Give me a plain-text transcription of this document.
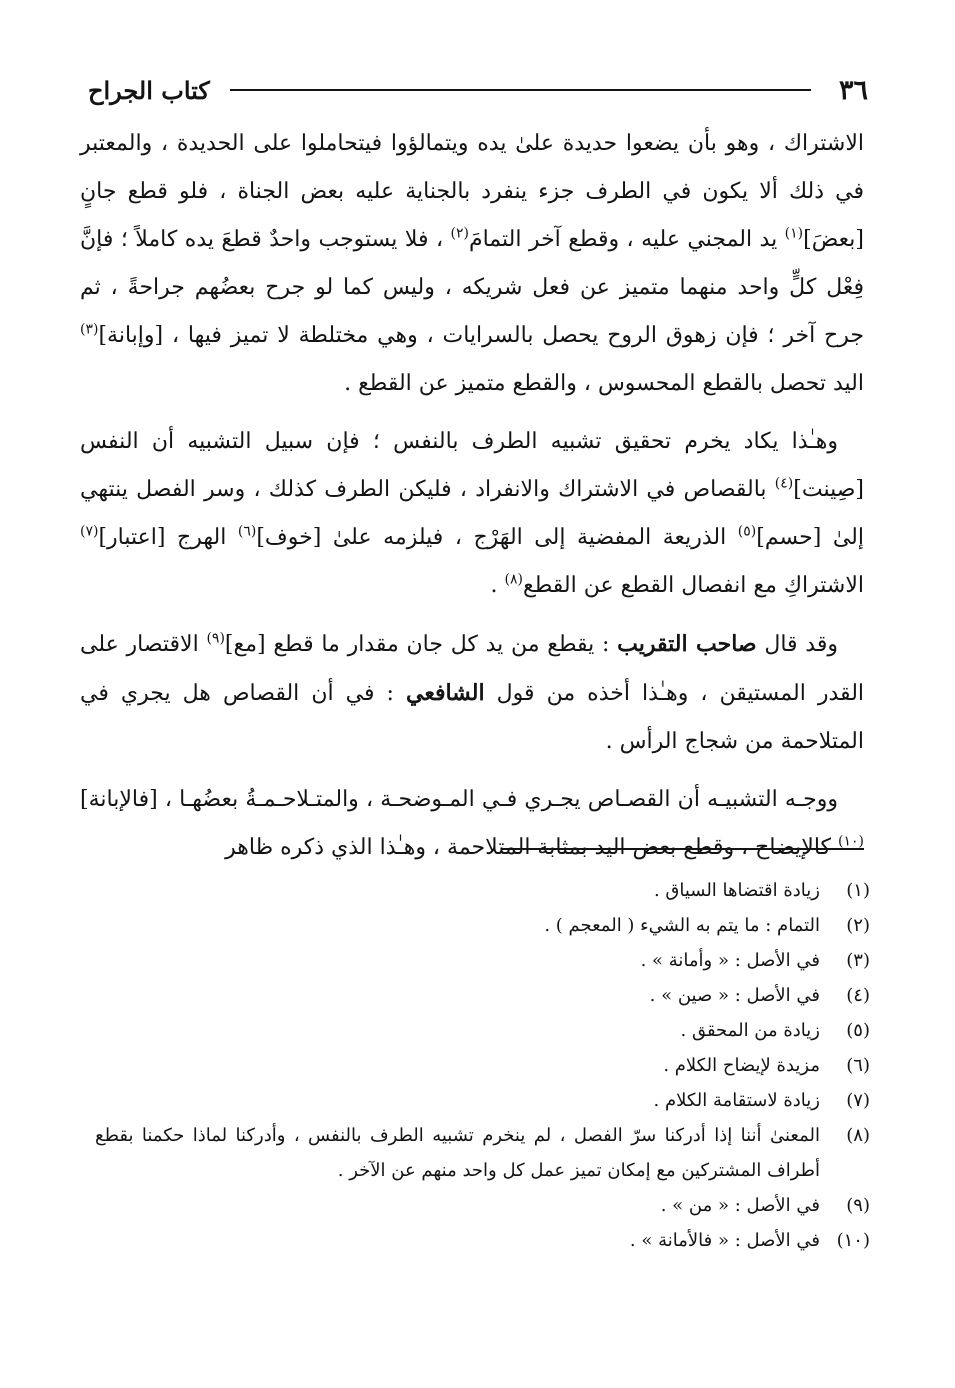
٣٦
كتاب الجراح

الاشتراك ، وهو بأن يضعوا حديدة علىٰ يده ويتمالؤوا فيتحاملوا على الحديدة ، والمعتبر في ذلك ألا يكون في الطرف جزء ينفرد بالجناية عليه بعض الجناة ، فلو قطع جانٍ [بعضَ]$^{(١)}$ يد المجني عليه ، وقطع آخر التمامَ$^{(٢)}$ ، فلا يستوجب واحدٌ قطعَ يده كاملاً ؛ فإنَّ فِعْل كلٍّ واحد منهما متميز عن فعل شريكه ، وليس كما لو جرح بعضُهم جراحةً ، ثم جرح آخر ؛ فإن زهوق الروح يحصل بالسرايات ، وهي مختلطة لا تميز فيها ، [وإبانة]$^{(٣)}$ اليد تحصل بالقطع المحسوس ، والقطع متميز عن القطع .

وهـٰذا يكاد يخرم تحقيق تشبيه الطرف بالنفس ؛ فإن سبيل التشبيه أن النفس [صِينت]$^{(٤)}$ بالقصاص في الاشتراك والانفراد ، فليكن الطرف كذلك ، وسر الفصل ينتهي إلىٰ [حسم]$^{(٥)}$ الذريعة المفضية إلى الهَرْج ، فيلزمه علىٰ [خوف]$^{(٦)}$ الهرج [اعتبار]$^{(٧)}$ الاشتراكِ مع انفصال القطع عن القطع$^{(٨)}$ .

وقد قال صاحب التقريب : يقطع من يد كل جان مقدار ما قطع [مع]$^{(٩)}$ الاقتصار على القدر المستيقن ، وهـٰذا أخذه من قول الشافعي : في أن القصاص هل يجري في المتلاحمة من شجاج الرأس .

ووجـه التشبيـه أن القصـاص يجـري فـي المـوضحـة ، والمتـلاحـمـةُ بعضُهـا ، [فالإبانة]$^{(١٠)}$ كالإيضاح ، وقطع بعض اليد بمثابة المتلاحمة ، وهـٰذا الذي ذكره ظاهر

(١)
زيادة اقتضاها السياق .
(٢)
التمام : ما يتم به الشيء ( المعجم ) .
(٣)
في الأصل : « وأمانة » .
(٤)
في الأصل : « صين » .
(٥)
زيادة من المحقق .
(٦)
مزيدة لإيضاح الكلام .
(٧)
زيادة لاستقامة الكلام .
(٨)
المعنىٰ أننا إذا أدركنا سرّ الفصل ، لم ينخرم تشبيه الطرف بالنفس ، وأدركنا لماذا حكمنا بقطع أطراف المشتركين مع إمكان تميز عمل كل واحد منهم عن الآخر .
(٩)
في الأصل : « من » .
(١٠)
في الأصل : « فالأمانة » .
